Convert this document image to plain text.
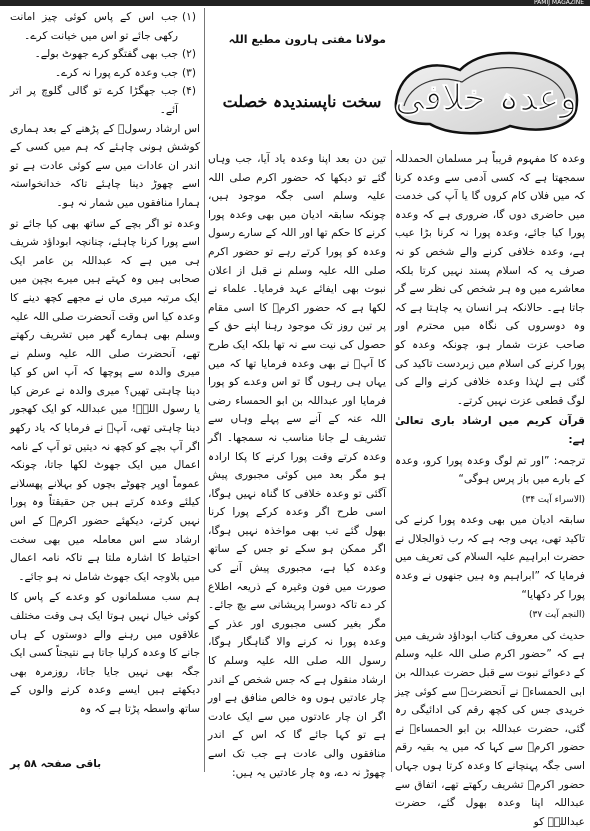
PAMIJ MAGAZINE
وعدہ خلافی
سخت ناپسندیدہ خصلت
مولانا مفتی ہارون مطیع اللہ

وعدہ کا مفہوم قریباً ہر مسلمان الحمدللہ سمجھتا ہے کہ کسی آدمی سے وعدہ کرنا کہ میں فلاں کام کروں گا یا آپ کی خدمت میں حاضری دوں گا، ضروری ہے کہ وعدہ پورا کیا جائے، وعدہ پورا نہ کرنا بڑا عیب ہے، وعدہ خلافی کرنے والے شخص کو نہ صرف یہ کہ اسلام پسند نہیں کرتا بلکہ معاشرے میں وہ ہر شخص کی نظر سے گر جاتا ہے۔ حالانکہ ہر انسان یہ چاہتا ہے کہ وہ دوسروں کی نگاہ میں محترم اور صاحب عزت شمار ہو، چونکہ وعدہ کو پورا کرنے کی اسلام میں زبردست تاکید کی گئی ہے لہٰذا وعدہ خلافی کرنے والے کی لوگ قطعی عزت نہیں کرتے۔

قرآن کریم میں ارشاد باری تعالیٰ ہے:

ترجمہ: ”اور تم لوگ وعدہ پورا کرو، وعدہ کے بارے میں باز پرس ہوگی“

(الاسراء آیت ۳۴)

سابقہ ادیان میں بھی وعدہ پورا کرنے کی تاکید تھی، یہی وجہ ہے کہ رب ذوالجلال نے حضرت ابراہیم علیہ السلام کی تعریف میں فرمایا کہ ”ابراہیم وہ ہیں جنھوں نے وعدہ پورا کر دکھایا“

(النجم آیت ۳۷)

حدیث کی معروف کتاب ابوداؤد شریف میں ہے کہ ”حضور اکرم صلی اللہ علیہ وسلم کے دعوائے نبوت سے قبل حضرت عبداللہ بن ابی الحمساءؓ نے آنحضرتؐ سے کوئی چیز خریدی جس کی کچھ رقم کی ادائیگی رہ گئی، حضرت عبداللہ بن ابو الحمساءؓ نے حضور اکرمؐ سے کہا کہ میں یہ بقیہ رقم اسی جگہ پہنچانے کا وعدہ کرتا ہوں جہاں حضور اکرمؐ تشریف رکھتے تھے، اتفاق سے عبداللہ اپنا وعدہ بھول گئے، حضرت عبداللہؓ کو

تین دن بعد اپنا وعدہ یاد آیا، جب وہاں گئے تو دیکھا کہ حضور اکرم صلی اللہ علیہ وسلم اسی جگہ موجود ہیں، چونکہ سابقہ ادیان میں بھی وعدہ پورا کرنے کا حکم تھا اور اللہ کے سارے رسول وعدہ کو پورا کرتے رہے تو حضور اکرم صلی اللہ علیہ وسلم نے قبل از اعلان نبوت بھی ایفائے عہد فرمایا۔ علماء نے لکھا ہے کہ حضور اکرمؐ کا اسی مقام پر تین روز تک موجود رہنا اپنے حق کے حصول کی نیت سے نہ تھا بلکہ ایک طرح کا آپؐ نے بھی وعدہ فرمایا تھا کہ میں یہاں ہی رہوں گا تو اس وعدے کو پورا فرمایا اور عبداللہ بن ابو الحمساء رضی اللہ عنہ کے آنے سے پہلے وہاں سے تشریف لے جانا مناسب نہ سمجھا۔ اگر وعدہ کرتے وقت پورا کرنے کا پکا ارادہ ہو مگر بعد میں کوئی مجبوری پیش آگئی تو وعدہ خلافی کا گناہ نہیں ہوگا، اسی طرح اگر وعدہ کرکے پورا کرنا بھول گئے تب بھی مواخذہ نہیں ہوگا، اگر ممکن ہو سکے تو جس کے ساتھ وعدہ کیا ہے، مجبوری پیش آنے کی صورت میں فون وغیرہ کے ذریعہ اطلاع کر دے تاکہ دوسرا پریشانی سے بچ جائے۔ مگر بغیر کسی مجبوری اور عذر کے وعدہ پورا نہ کرنے والا گناہگار ہوگا، رسول اللہ صلی اللہ علیہ وسلم کا ارشاد منقول ہے کہ جس شخص کے اندر چار عادتیں ہوں وہ خالص منافق ہے اور اگر ان چار عادتوں میں سے ایک عادت ہے تو کہا جائے گا کہ اس کے اندر منافقوں والی عادت ہے جب تک اسے چھوڑ نہ دے، وہ چار عادتیں یہ ہیں:

(۱)
جب اس کے پاس کوئی چیز امانت رکھی جائے تو اس میں خیانت کرے۔
(۲)
جب بھی گفتگو کرے جھوٹ بولے۔
(۳)
جب وعدہ کرے پورا نہ کرے۔
(۴)
جب جھگڑا کرے تو گالی گلوچ پر اتر آئے۔

اس ارشاد رسولؐ کے پڑھنے کے بعد ہماری کوشش ہونی چاہئے کہ ہم میں کسی کے اندر ان عادات میں سے کوئی عادت ہے تو اسے چھوڑ دینا چاہئے تاکہ خدانخواستہ ہمارا منافقوں میں شمار نہ ہو۔

وعدہ تو اگر بچے کے ساتھ بھی کیا جائے تو اسے پورا کرنا چاہئے، چنانچہ ابوداؤد شریف ہی میں ہے کہ عبداللہ بن عامر ایک صحابی ہیں وہ کہتے ہیں میرے بچپن میں ایک مرتبہ میری ماں نے مجھے کچھ دینے کا وعدہ کیا اس وقت آنحضرت صلی اللہ علیہ وسلم بھی ہمارے گھر میں تشریف رکھتے تھے، آنحضرت صلی اللہ علیہ وسلم نے میری والدہ سے پوچھا کہ آپ اس کو کیا دینا چاہتی تھیں؟ میری والدہ نے عرض کیا یا رسول اللہؐ! میں عبداللہ کو ایک کھجور دینا چاہتی تھی، آپؐ نے فرمایا کہ یاد رکھو اگر آپ بچے کو کچھ نہ دیتیں تو آپ کے نامہ اعمال میں ایک جھوٹ لکھا جاتا، چونکہ عموماً اوپر چھوٹے بچوں کو بہلانے پھسلانے کیلئے وعدہ کرتے ہیں جن حقیقتاً وہ پورا نہیں کرتے، دیکھئے حضور اکرمؐ کے اس ارشاد سے اس معاملہ میں بھی سخت احتیاط کا اشارہ ملتا ہے تاکہ نامہ اعمال میں بلاوجہ ایک جھوٹ شامل نہ ہو جائے۔

ہم سب مسلمانوں کو وعدے کے پاس کا کوئی خیال نہیں ہوتا ایک ہی وقت مختلف علاقوں میں رہنے والے دوستوں کے ہاں جانے کا وعدہ کرلیا جاتا ہے نتیجتاً کسی ایک جگہ بھی نہیں جایا جاتا، روزمرہ بھی دیکھتے ہیں ایسے وعدہ کرنے والوں کے ساتھ واسطہ پڑتا ہے کہ وہ

باقی صفحہ ۵۸ پر
